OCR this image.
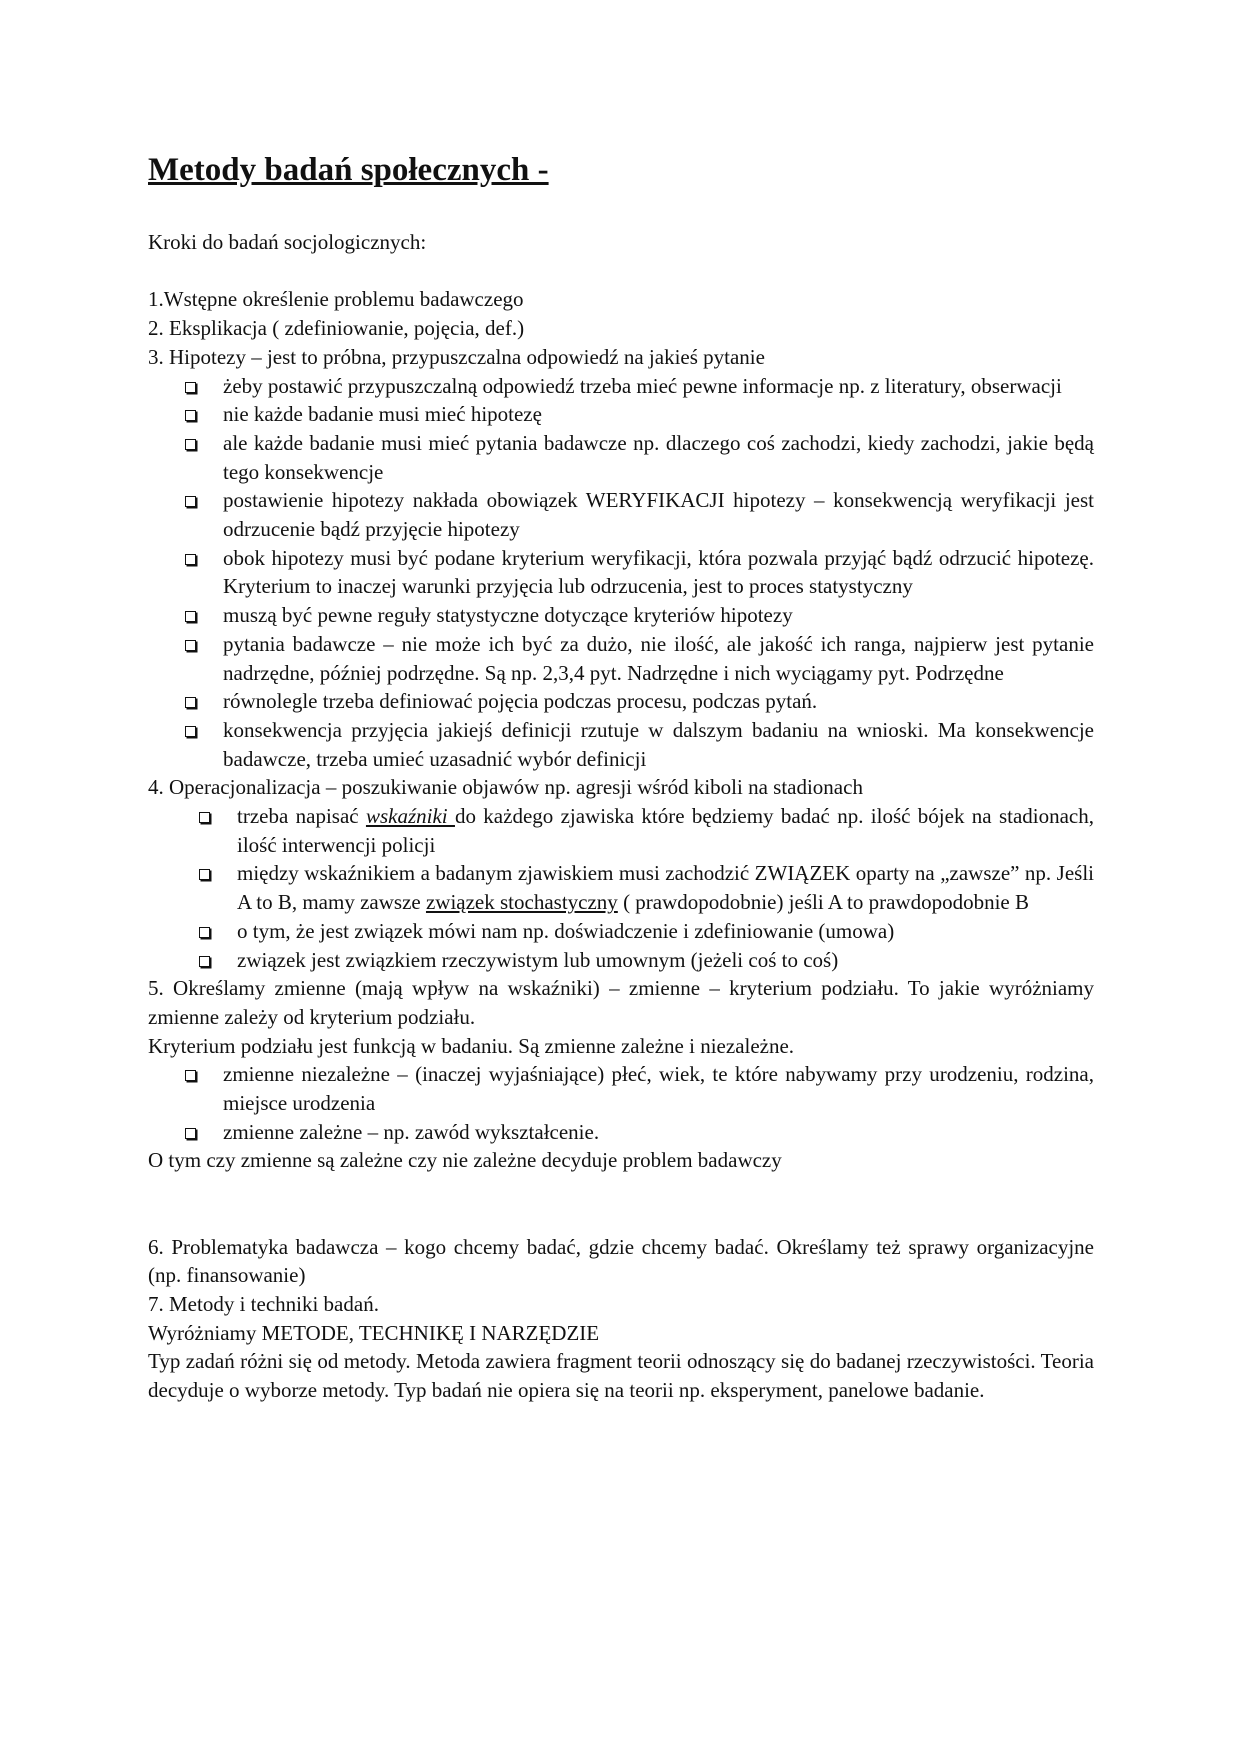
Metody badań społecznych -

Kroki do badań socjologicznych:

1.Wstępne określenie problemu badawczego

2. Eksplikacja ( zdefiniowanie, pojęcia, def.)

3. Hipotezy – jest to próbna, przypuszczalna odpowiedź na jakieś pytanie

żeby postawić przypuszczalną odpowiedź trzeba mieć pewne informacje np. z literatury, obserwacji
nie każde badanie musi mieć hipotezę
ale każde badanie musi mieć pytania badawcze np. dlaczego coś zachodzi, kiedy zachodzi, jakie będą tego konsekwencje
postawienie hipotezy nakłada obowiązek WERYFIKACJI hipotezy – konsekwencją weryfikacji jest odrzucenie bądź przyjęcie hipotezy
obok hipotezy musi być podane kryterium weryfikacji, która pozwala przyjąć bądź odrzucić hipotezę. Kryterium to inaczej warunki przyjęcia lub odrzucenia, jest to proces statystyczny
muszą być pewne reguły statystyczne dotyczące kryteriów hipotezy
pytania badawcze – nie może ich być za dużo, nie ilość, ale jakość ich ranga, najpierw jest pytanie nadrzędne, później podrzędne. Są np. 2,3,4 pyt. Nadrzędne i nich wyciągamy pyt. Podrzędne
równolegle trzeba definiować pojęcia podczas procesu, podczas pytań.
konsekwencja przyjęcia jakiejś definicji rzutuje w dalszym badaniu na wnioski. Ma konsekwencje badawcze, trzeba umieć uzasadnić wybór definicji

4. Operacjonalizacja – poszukiwanie objawów np. agresji wśród kiboli na stadionach

trzeba napisać wskaźniki do każdego zjawiska które będziemy badać np. ilość bójek na stadionach, ilość interwencji policji
między wskaźnikiem a badanym zjawiskiem musi zachodzić ZWIĄZEK oparty na „zawsze” np. Jeśli A to B, mamy zawsze związek stochastyczny ( prawdopodobnie) jeśli A to prawdopodobnie B
o tym, że jest związek mówi nam np. doświadczenie i zdefiniowanie (umowa)
związek jest związkiem rzeczywistym lub umownym (jeżeli coś to coś)

5. Określamy zmienne (mają wpływ na wskaźniki) – zmienne – kryterium podziału. To jakie wyróżniamy zmienne zależy od kryterium podziału.

Kryterium podziału jest funkcją w badaniu. Są zmienne zależne i niezależne.

zmienne niezależne – (inaczej wyjaśniające) płeć, wiek, te które nabywamy przy urodzeniu, rodzina, miejsce urodzenia
zmienne zależne – np. zawód wykształcenie.

O tym czy zmienne są zależne czy nie zależne decyduje problem badawczy

6. Problematyka badawcza – kogo chcemy badać, gdzie chcemy badać. Określamy też sprawy organizacyjne (np. finansowanie)

7. Metody i techniki badań.

Wyróżniamy METODE, TECHNIKĘ I NARZĘDZIE

Typ zadań różni się od metody. Metoda zawiera fragment teorii odnoszący się do badanej rzeczywistości. Teoria decyduje o wyborze metody. Typ badań nie opiera się na teorii np. eksperyment, panelowe badanie.
